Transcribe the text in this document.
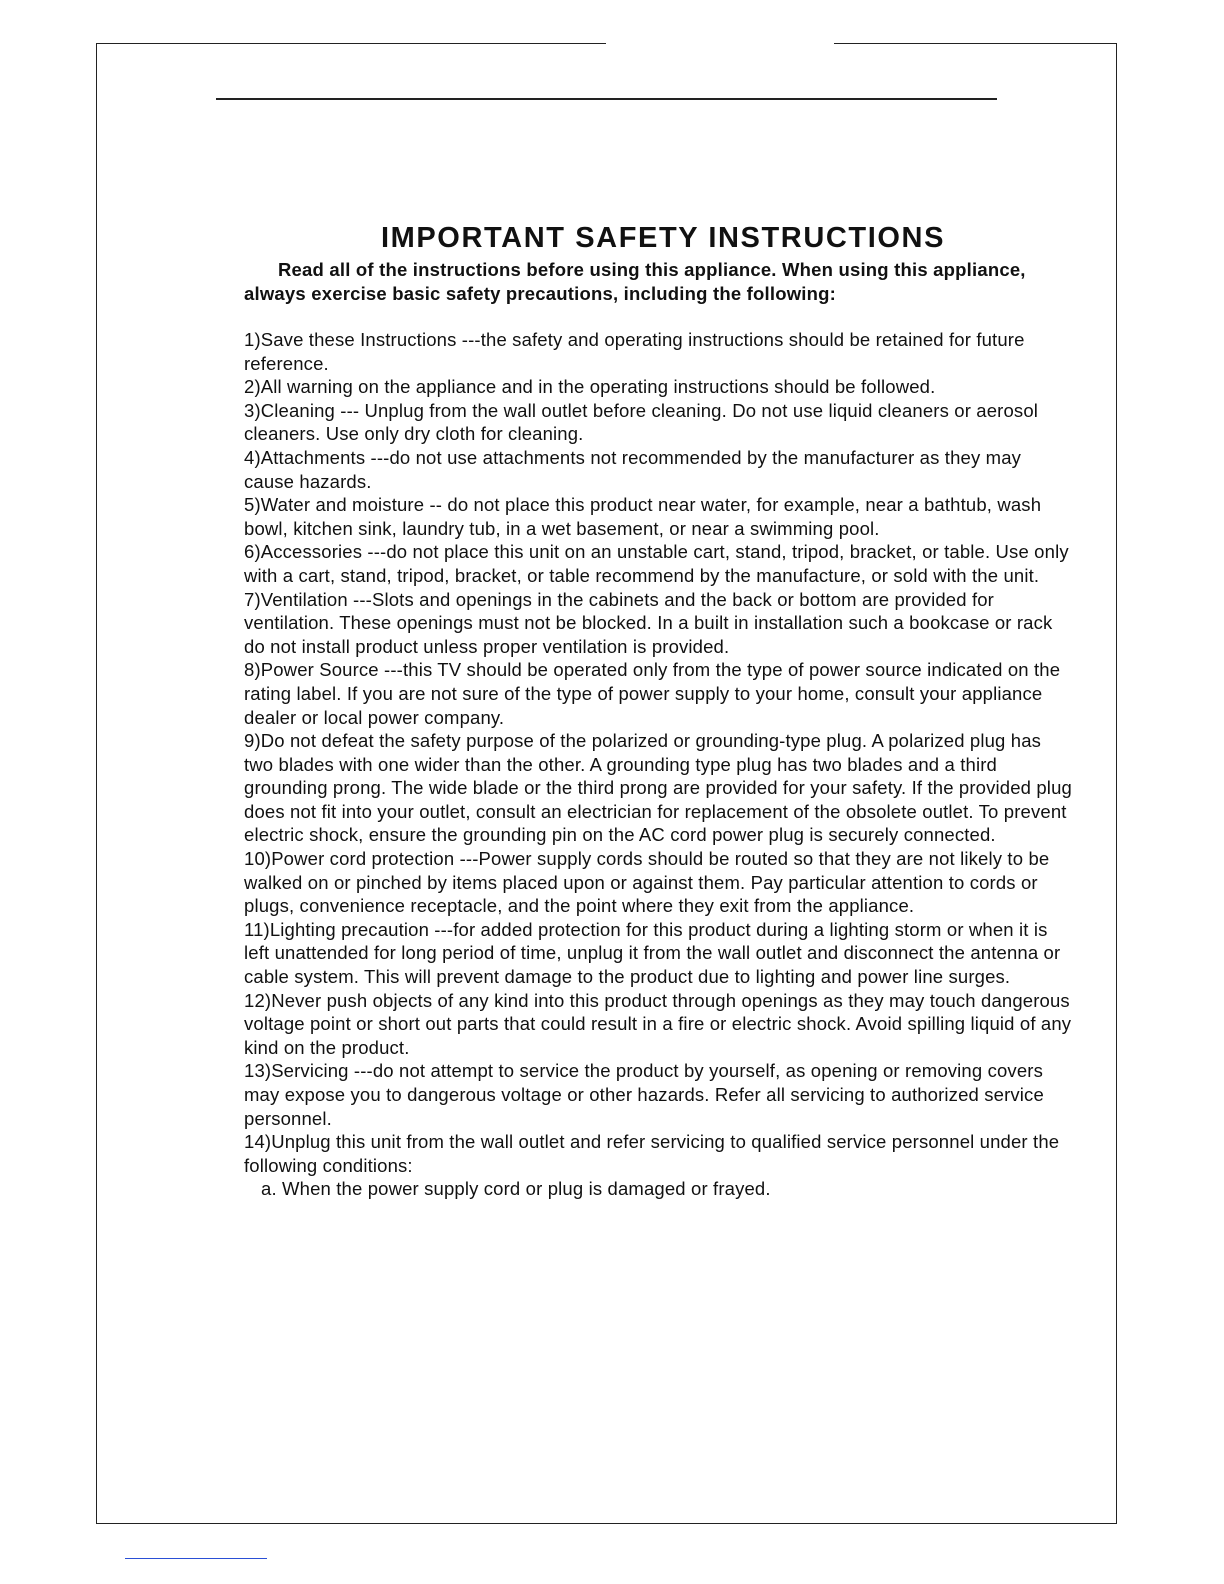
IMPORTANT SAFETY INSTRUCTIONS

Read all of the instructions before using this appliance. When using this appliance, always exercise basic safety precautions, including the following:

1)Save these Instructions ---the safety and operating instructions should be retained for future reference.
2)All warning on the appliance and in the operating instructions should be followed.
3)Cleaning --- Unplug from the wall outlet before cleaning. Do not use liquid cleaners or aerosol cleaners. Use only dry cloth for cleaning.
4)Attachments ---do not use attachments not recommended by the manufacturer as they may cause hazards.
5)Water and moisture -- do not place this product near water, for example, near a bathtub, wash bowl, kitchen sink, laundry tub, in a wet basement, or near a swimming pool.
6)Accessories ---do not place this unit on an unstable cart, stand, tripod, bracket, or table. Use only with a cart, stand, tripod, bracket, or table recommend by the manufacture, or sold with the unit.
7)Ventilation ---Slots and openings in the cabinets and the back or bottom are provided for ventilation. These openings must not be blocked. In a built in installation such a bookcase or rack do not install product unless proper ventilation is provided.
8)Power Source ---this TV should be operated only from the type of power source indicated on the rating label. If you are not sure of the type of power supply to your home, consult your appliance dealer or local power company.
9)Do not defeat the safety purpose of the polarized or grounding-type plug. A polarized plug has two blades with one wider than the other. A grounding type plug has two blades and a third grounding prong. The wide blade or the third prong are provided for your safety. If the provided plug does not fit into your outlet, consult an electrician for replacement of the obsolete outlet. To prevent electric shock, ensure the grounding pin on the AC cord power plug is securely connected.
10)Power cord protection ---Power supply cords should be routed so that they are not likely to be walked on or pinched by items placed upon or against them. Pay particular attention to cords or plugs, convenience receptacle, and the point where they exit from the appliance.
11)Lighting precaution ---for added protection for this product during a lighting storm or when it is left unattended for long period of time, unplug it from the wall outlet and disconnect the antenna or cable system. This will prevent damage to the product due to lighting and power line surges.
12)Never push objects of any kind into this product through openings as they may touch dangerous voltage point or short out parts that could result in a fire or electric shock. Avoid spilling liquid of any kind on the product.
13)Servicing ---do not attempt to service the product by yourself, as opening or removing covers may expose you to dangerous voltage or other hazards. Refer all servicing to authorized service personnel.
14)Unplug this unit from the wall outlet and refer servicing to qualified service personnel under the following conditions:
a. When the power supply cord or plug is damaged or frayed.
